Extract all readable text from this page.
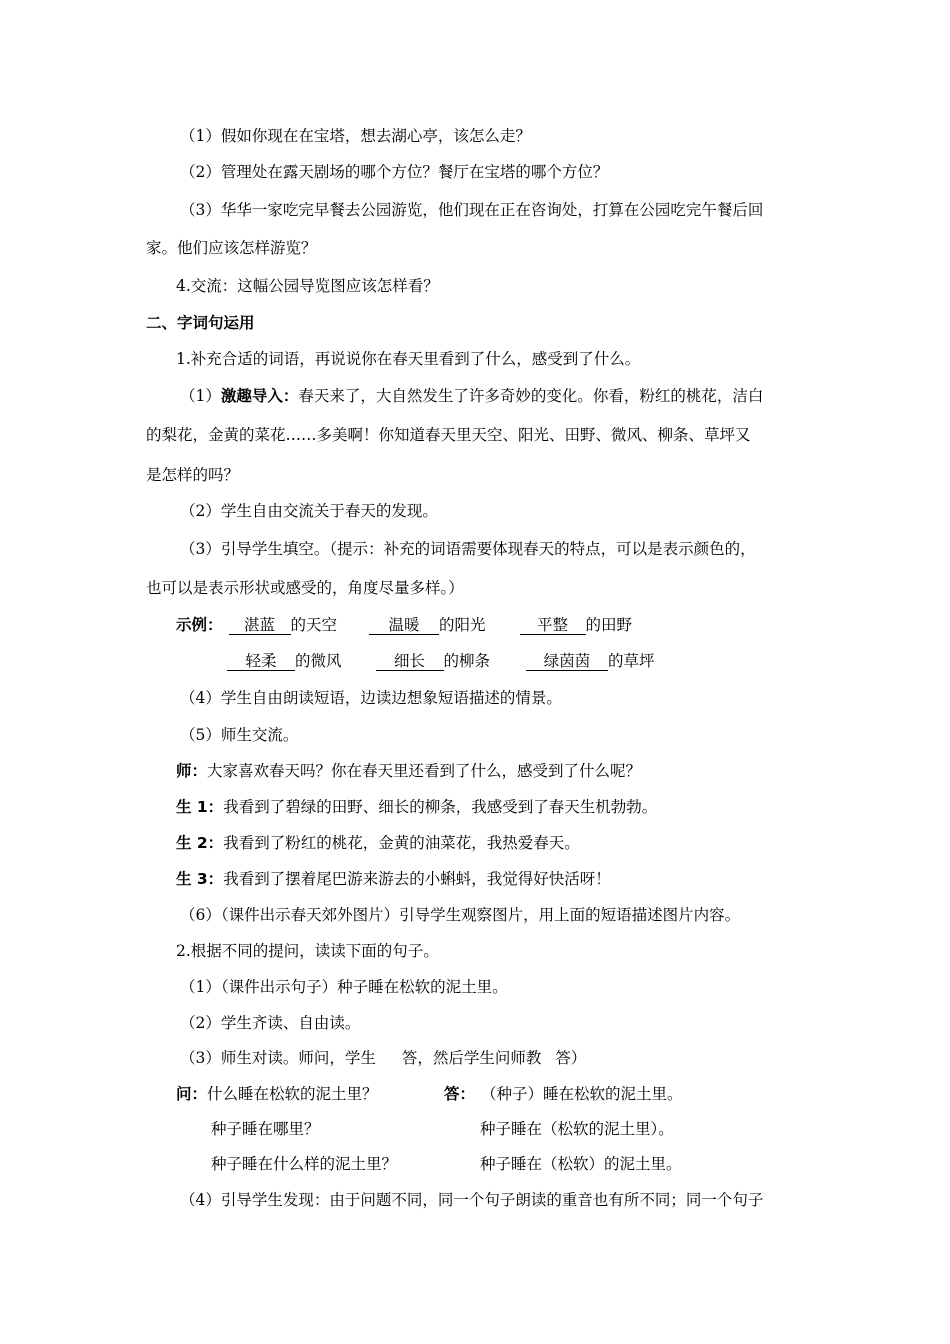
（1）假如你现在在宝塔，想去湖心亭，该怎么走？
（2）管理处在露天剧场的哪个方位？餐厅在宝塔的哪个方位？
（3）华华一家吃完早餐去公园游览，他们现在正在咨询处，打算在公园吃完午餐后回
家。他们应该怎样游览？
4.交流：这幅公园导览图应该怎样看？
二、字词句运用
1.补充合适的词语，再说说你在春天里看到了什么，感受到了什么。
（1）激趣导入：春天来了，大自然发生了许多奇妙的变化。你看，粉红的桃花，洁白
的梨花，金黄的菜花……多美啊！你知道春天里天空、阳光、田野、微风、柳条、草坪又
是怎样的吗？
（2）学生自由交流关于春天的发现。
（3）引导学生填空。（提示：补充的词语需要体现春天的特点，可以是表示颜色的，
也可以是表示形状或感受的，角度尽量多样。）
示例： 湛蓝 的天空	温暖 的阳光	平整 的田野
轻柔 的微风	细长 的柳条	绿茵茵 的草坪
（4）学生自由朗读短语，边读边想象短语描述的情景。
（5）师生交流。
师：大家喜欢春天吗？你在春天里还看到了什么，感受到了什么呢？
生 1：我看到了碧绿的田野、细长的柳条，我感受到了春天生机勃勃。
生 2：我看到了粉红的桃花，金黄的油菜花，我热爱春天。
生 3：我看到了摆着尾巴游来游去的小蝌蚪，我觉得好快活呀！
（6）（课件出示春天郊外图片）引导学生观察图片，用上面的短语描述图片内容。
2.根据不同的提问，读读下面的句子。
（1）（课件出示句子）种子睡在松软的泥土里。
（2）学生齐读、自由读。
（3）师生对读。师问，学生 答，然后学生问师教 答）
问：什么睡在松软的泥土里？	答： （种子）睡在松软的泥土里。
种子睡在哪里？	种子睡在（松软的泥土里）。
种子睡在什么样的泥土里？	种子睡在（松软）的泥土里。
（4）引导学生发现：由于问题不同，同一个句子朗读的重音也有所不同；同一个句子
